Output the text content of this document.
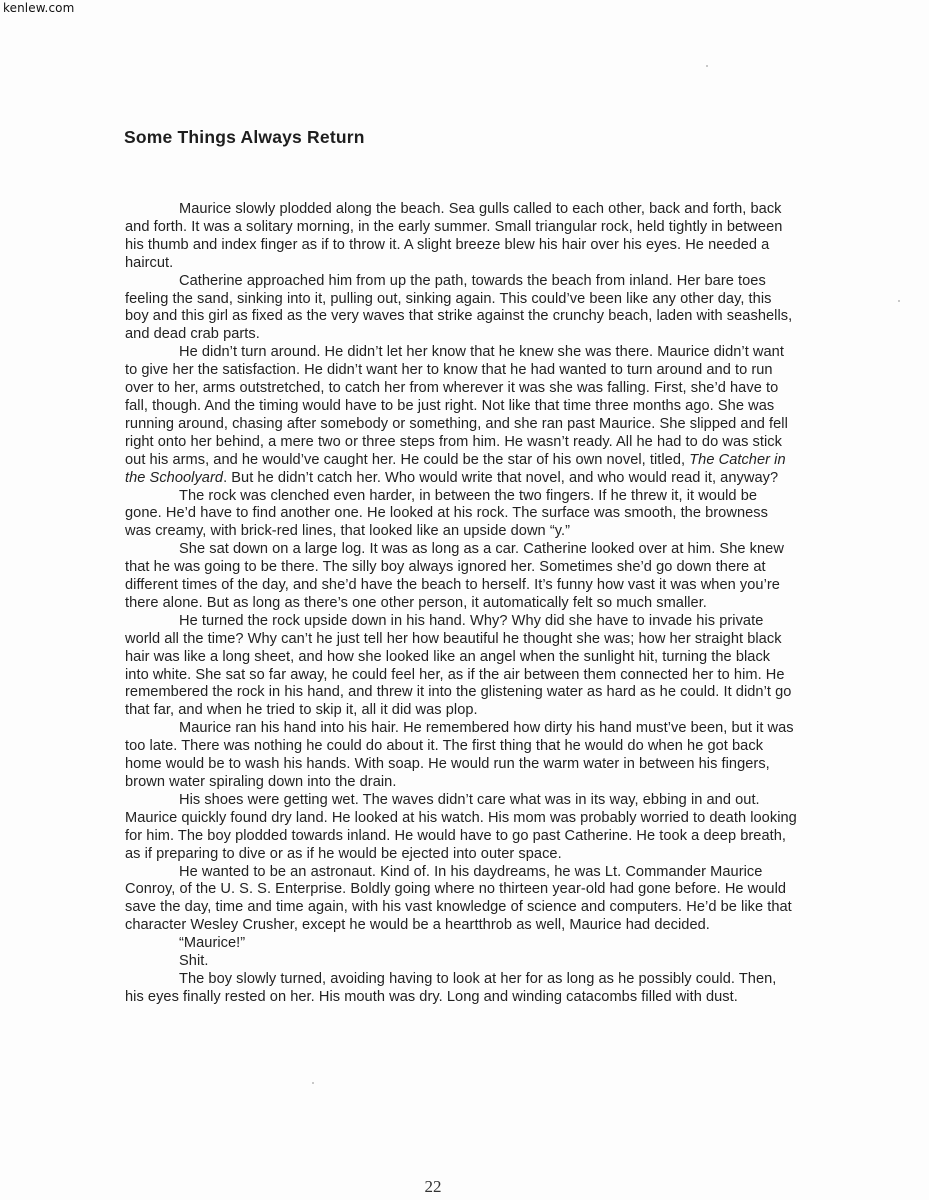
kenlew.com
Some Things Always Return

Maurice slowly plodded along the beach. Sea gulls called to each other, back and forth, back and forth. It was a solitary morning, in the early summer. Small triangular rock, held tightly in between his thumb and index finger as if to throw it. A slight breeze blew his hair over his eyes. He needed a haircut.

Catherine approached him from up the path, towards the beach from inland. Her bare toes feeling the sand, sinking into it, pulling out, sinking again. This could’ve been like any other day, this boy and this girl as fixed as the very waves that strike against the crunchy beach, laden with seashells, and dead crab parts.

He didn’t turn around. He didn’t let her know that he knew she was there. Maurice didn’t want to give her the satisfaction. He didn’t want her to know that he had wanted to turn around and to run over to her, arms outstretched, to catch her from wherever it was she was falling. First, she’d have to fall, though. And the timing would have to be just right. Not like that time three months ago. She was running around, chasing after somebody or something, and she ran past Maurice. She slipped and fell right onto her behind, a mere two or three steps from him. He wasn’t ready. All he had to do was stick out his arms, and he would’ve caught her. He could be the star of his own novel, titled, The Catcher in the Schoolyard. But he didn’t catch her. Who would write that novel, and who would read it, anyway?

The rock was clenched even harder, in between the two fingers. If he threw it, it would be gone. He’d have to find another one. He looked at his rock. The surface was smooth, the browness was creamy, with brick-red lines, that looked like an upside down “y.”

She sat down on a large log. It was as long as a car. Catherine looked over at him. She knew that he was going to be there. The silly boy always ignored her. Sometimes she’d go down there at different times of the day, and she’d have the beach to herself. It’s funny how vast it was when you’re there alone. But as long as there’s one other person, it automatically felt so much smaller.

He turned the rock upside down in his hand. Why? Why did she have to invade his private world all the time? Why can’t he just tell her how beautiful he thought she was; how her straight black hair was like a long sheet, and how she looked like an angel when the sunlight hit, turning the black into white. She sat so far away, he could feel her, as if the air between them connected her to him. He remembered the rock in his hand, and threw it into the glistening water as hard as he could. It didn’t go that far, and when he tried to skip it, all it did was plop.

Maurice ran his hand into his hair. He remembered how dirty his hand must’ve been, but it was too late. There was nothing he could do about it. The first thing that he would do when he got back home would be to wash his hands. With soap. He would run the warm water in between his fingers, brown water spiraling down into the drain.

His shoes were getting wet. The waves didn’t care what was in its way, ebbing in and out. Maurice quickly found dry land. He looked at his watch. His mom was probably worried to death looking for him. The boy plodded towards inland. He would have to go past Catherine. He took a deep breath, as if preparing to dive or as if he would be ejected into outer space.

He wanted to be an astronaut. Kind of. In his daydreams, he was Lt. Commander Maurice Conroy, of the U. S. S. Enterprise. Boldly going where no thirteen year-old had gone before. He would save the day, time and time again, with his vast knowledge of science and computers. He’d be like that character Wesley Crusher, except he would be a heartthrob as well, Maurice had decided.

“Maurice!”

Shit.

The boy slowly turned, avoiding having to look at her for as long as he possibly could. Then, his eyes finally rested on her. His mouth was dry. Long and winding catacombs filled with dust.

22
